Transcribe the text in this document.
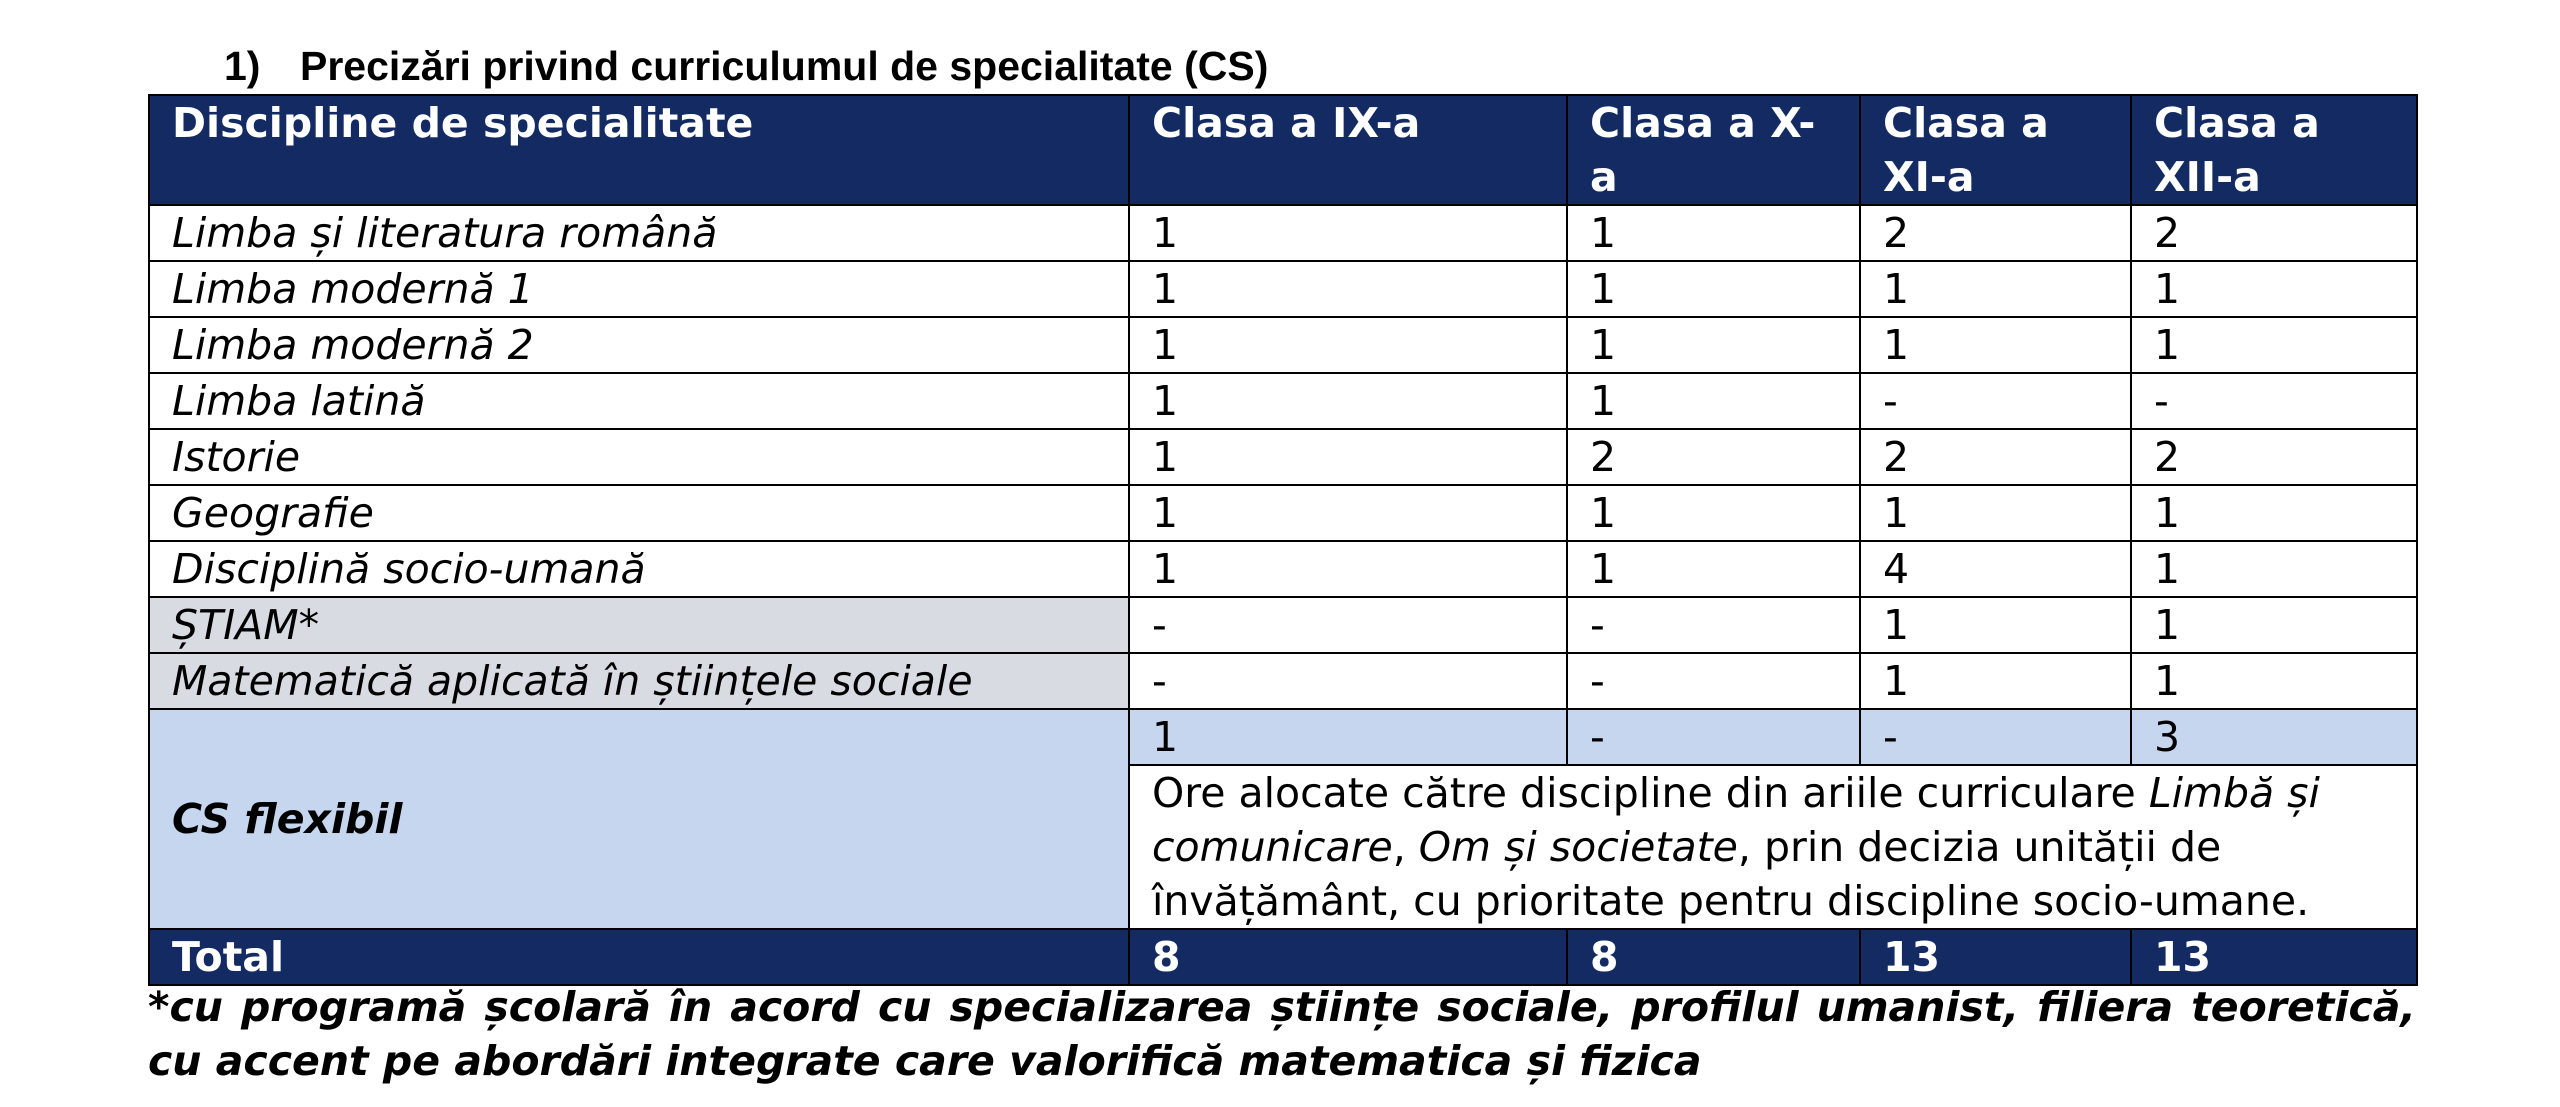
1) Precizări privind curriculumul de specialitate (CS)
Discipline de specialitate	Clasa a IX-a	Clasa a X-a	Clasa a XI-a	Clasa a XII-a
Limba și literatura română	1	1	2	2
Limba modernă 1	1	1	1	1
Limba modernă 2	1	1	1	1
Limba latină	1	1	-	-
Istorie	1	2	2	2
Geografie	1	1	1	1
Disciplină socio-umană	1	1	4	1
ȘTIAM*	-	-	1	1
Matematică aplicată în științele sociale	-	-	1	1
CS flexibil	1	-	-	3
	Ore alocate către discipline din ariile curriculare Limbă și comunicare, Om și societate, prin decizia unității de învățământ, cu prioritate pentru discipline socio-umane.			
Total	8	8	13	13

*cu programă școlară în acord cu specializarea științe sociale, profilul umanist, filiera teoretică, cu accent pe abordări integrate care valorifică matematica și fizica
